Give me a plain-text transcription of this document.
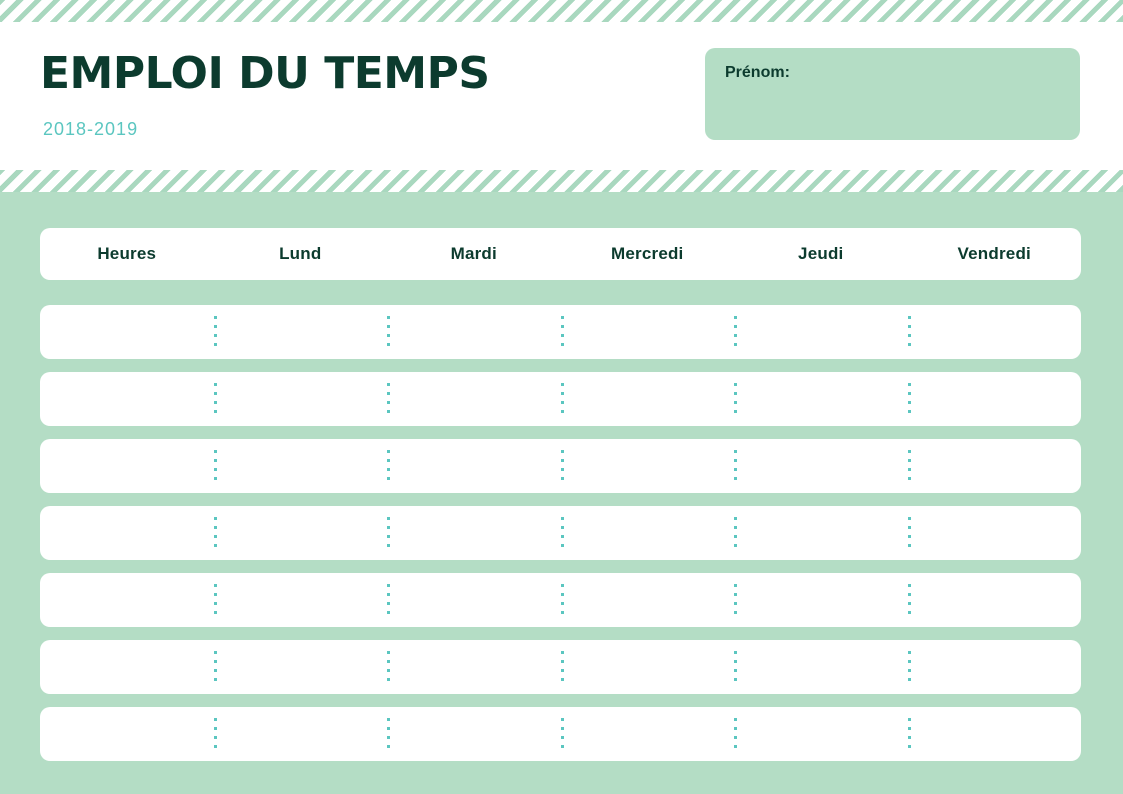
EMPLOI DU TEMPS
2018-2019
Prénom:
Heures	Lund	Mardi	Mercredi	Jeudi	Vendredi
